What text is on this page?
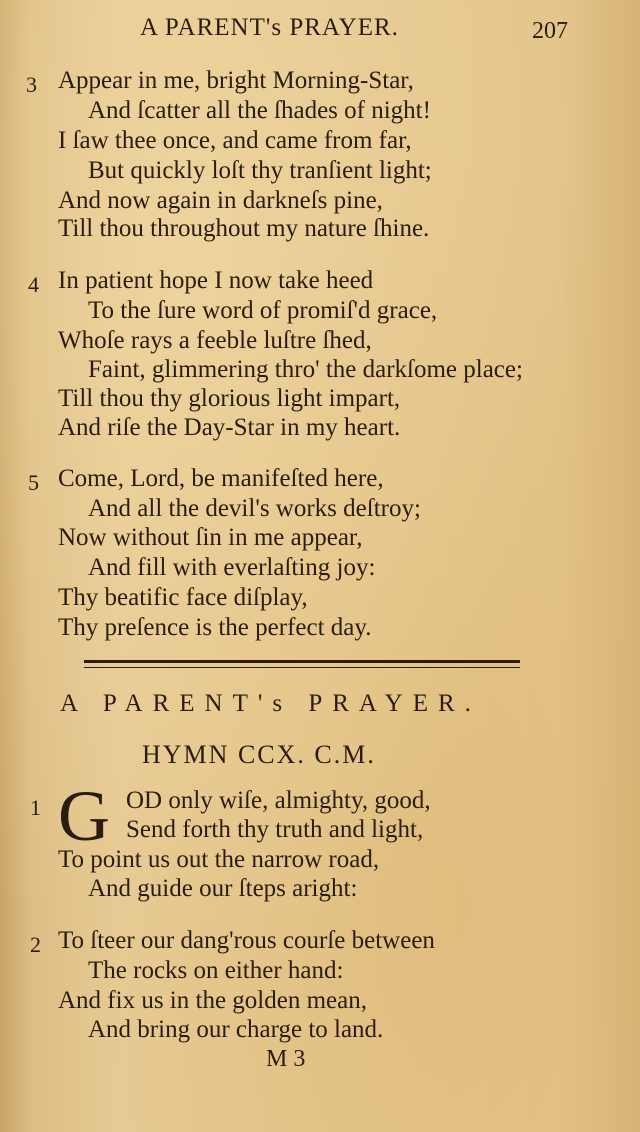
A PARENT's PRAYER.	207
3 Appear in me, bright Morning-Star,
And ſcatter all the ſhades of night!
I ſaw thee once, and came from far,
But quickly loſt thy tranſient light;
And now again in darkneſs pine,
Till thou throughout my nature ſhine.
4 In patient hope I now take heed
To the ſure word of promiſ'd grace,
Whoſe rays a feeble luſtre ſhed,
Faint, glimmering thro' the darkſome place;
Till thou thy glorious light impart,
And riſe the Day-Star in my heart.
5 Come, Lord, be manifeſted here,
And all the devil's works deſtroy;
Now without ſin in me appear,
And fill with everlaſting joy:
Thy beatific face diſplay,
Thy preſence is the perfect day.
A PARENT's PRAYER.
HYMN CCX. C.M.
1 G OD only wiſe, almighty, good,
Send forth thy truth and light,
To point us out the narrow road,
And guide our ſteps aright:
2 To ſteer our dang'rous courſe between
The rocks on either hand:
And fix us in the golden mean,
And bring our charge to land.
M 3
